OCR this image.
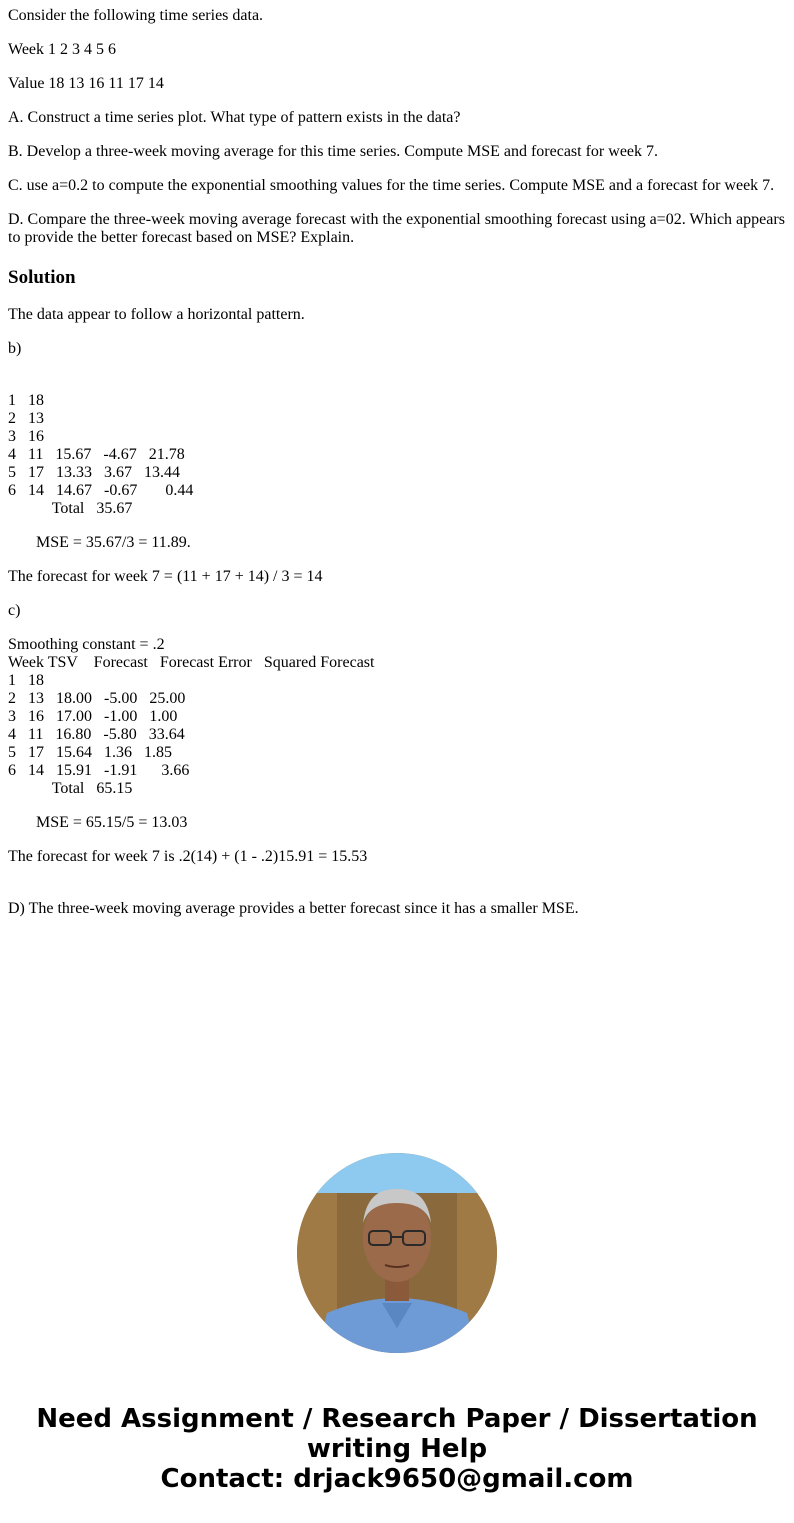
Consider the following time series data.

Week 1 2 3 4 5 6

Value 18 13 16 11 17 14

A. Construct a time series plot. What type of pattern exists in the data?

B. Develop a three-week moving average for this time series. Compute MSE and forecast for week 7.

C. use a=0.2 to compute the exponential smoothing values for the time series. Compute MSE and a forecast for week 7.

D. Compare the three-week moving average forecast with the exponential smoothing forecast using a=02. Which appears to provide the better forecast based on MSE? Explain.

Solution

The data appear to follow a horizontal pattern.

b)

1   18
2   13
3   16
4   11   15.67   -4.67   21.78
5   17   13.33   3.67   13.44
6   14   14.67   -0.67       0.44
Total   35.67

MSE = 35.67/3 = 11.89.

The forecast for week 7 = (11 + 17 + 14) / 3 = 14

c)

Smoothing constant = .2
Week TSV    Forecast   Forecast Error   Squared Forecast
1   18
2   13   18.00   -5.00   25.00
3   16   17.00   -1.00   1.00
4   11   16.80   -5.80   33.64
5   17   15.64   1.36   1.85
6   14   15.91   -1.91      3.66
Total   65.15

MSE = 65.15/5 = 13.03

The forecast for week 7 is .2(14) + (1 - .2)15.91 = 15.53

D) The three-week moving average provides a better forecast since it has a smaller MSE.

Need Assignment / Research Paper / Dissertation
writing Help
Contact: drjack9650@gmail.com
